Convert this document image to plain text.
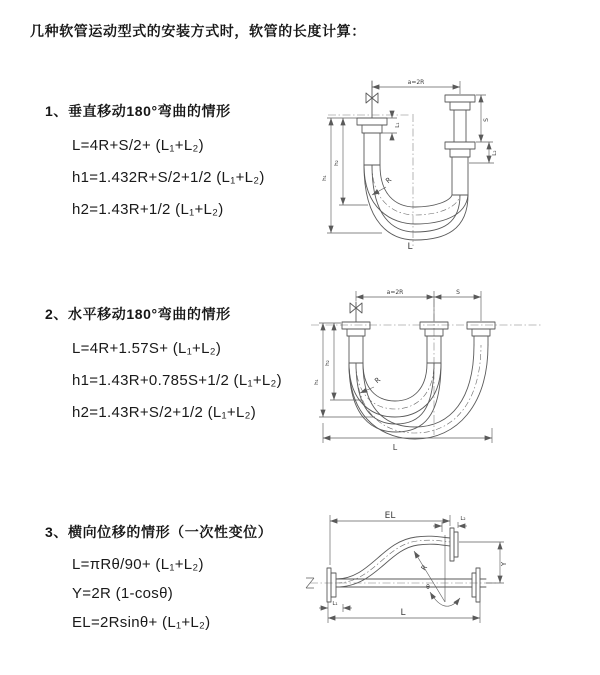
几种软管运动型式的安装方式时，软管的长度计算：
1、垂直移动180°弯曲的情形
L=4R+S/2+ (L₁+L₂)
h1=1.432R+S/2+1/2 (L₁+L₂)
h2=1.43R+1/2 (L₁+L₂)
2、水平移动180°弯曲的情形
L=4R+1.57S+ (L₁+L₂)
h1=1.43R+0.785S+1/2 (L₁+L₂)
h2=1.43R+S/2+1/2 (L₁+L₂)
3、横向位移的情形（一次性变位）
L=πRθ/90+ (L₁+L₂)
Y=2R (1-cosθ)
EL=2Rsinθ+ (L₁+L₂)
a=2R
L₁
S
L₂
h₂
h₁	R
L
a=2R	S
h₂
h₁	R
L
EL	L₂
Y
R
θ
L
L₁
